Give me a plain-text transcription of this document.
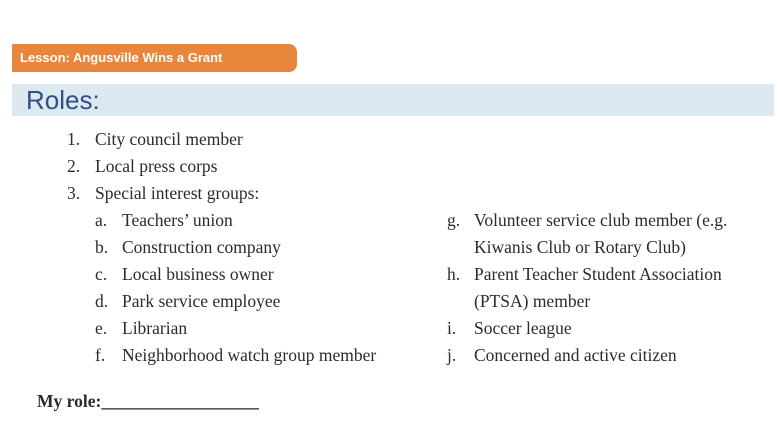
Lesson: Angusville Wins a Grant
Roles:
1. City council member
2. Local press corps
3. Special interest groups:
a. Teachers’ union
b. Construction company
c. Local business owner
d. Park service employee
e. Librarian
f. Neighborhood watch group member
g. Volunteer service club member (e.g.
Kiwanis Club or Rotary Club)
h. Parent Teacher Student Association
(PTSA) member
i. Soccer league
j. Concerned and active citizen
My role:__________________
